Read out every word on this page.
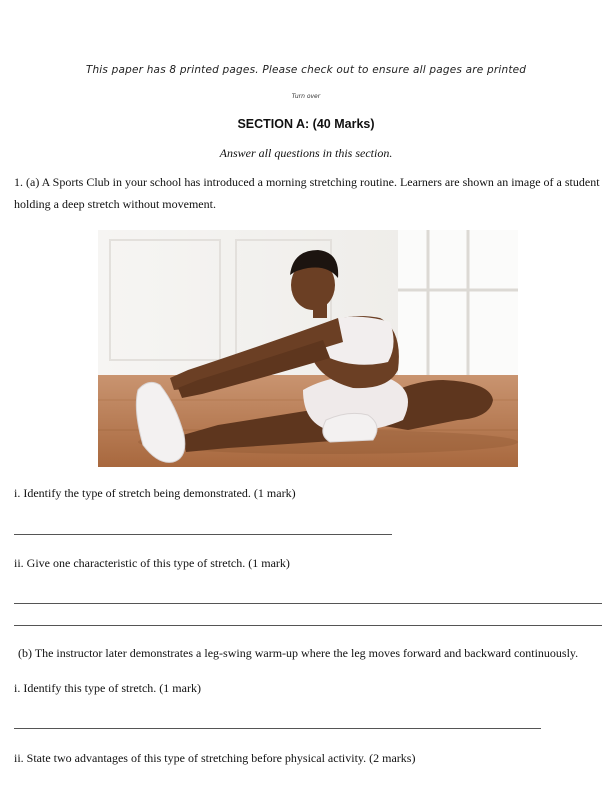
This paper has 8 printed pages. Please check out to ensure all pages are printed
Turn over
SECTION A: (40 Marks)
Answer all questions in this section.
1. (a) A Sports Club in your school has introduced a morning stretching routine. Learners are shown an image of a student holding a deep stretch without movement.
i. Identify the type of stretch being demonstrated. (1 mark)
ii. Give one characteristic of this type of stretch. (1 mark)
(b) The instructor later demonstrates a leg-swing warm-up where the leg moves forward and backward continuously.
i. Identify this type of stretch. (1 mark)
ii. State two advantages of this type of stretching before physical activity. (2 marks)
